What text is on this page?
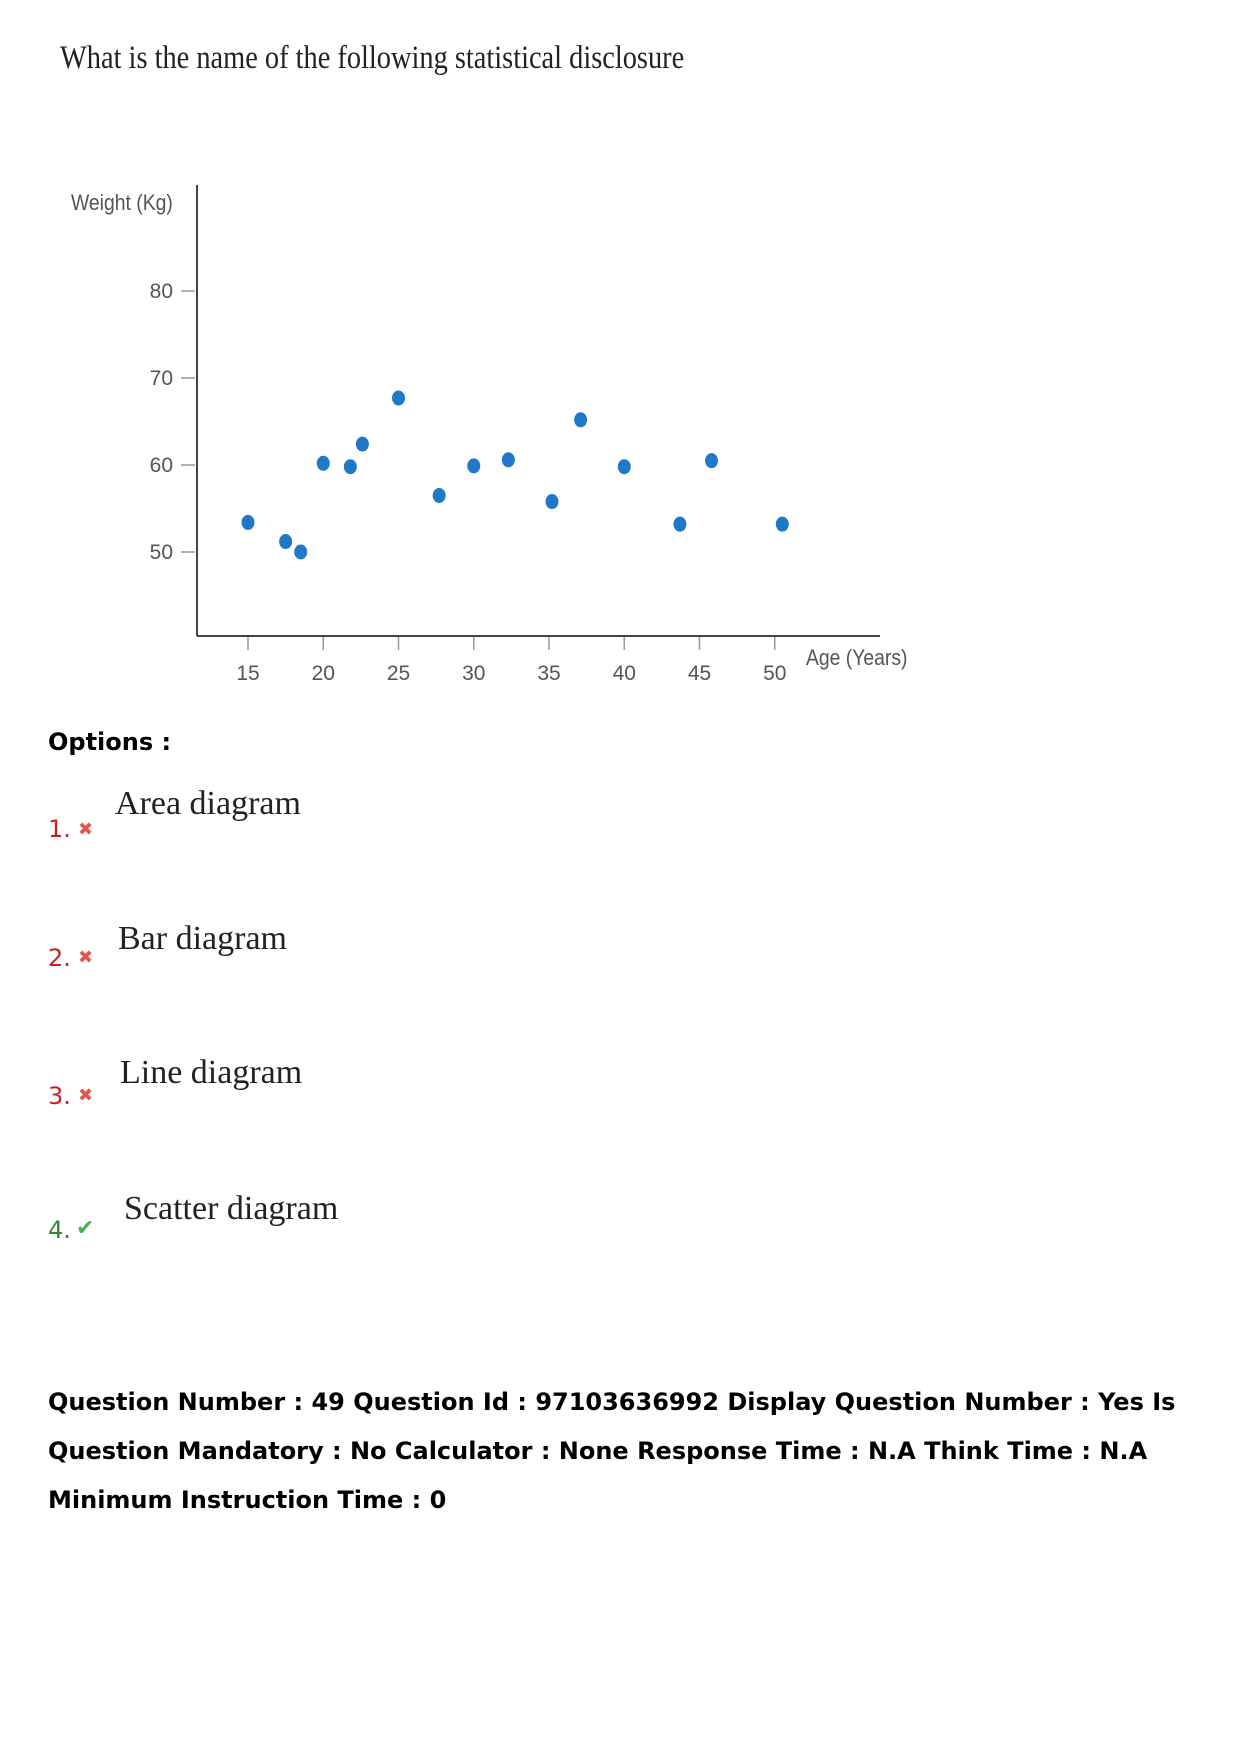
What is the name of the following statistical disclosure
50
60
70
80
15 20 25 30 35 40 45 50
Weight (Kg)
Age (Years)
Options :
1. ✖
Area diagram
2. ✖
Bar diagram
3. ✖
Line diagram
4. ✔
Scatter diagram
Question Number : 49 Question Id : 97103636992 Display Question Number : Yes Is Question Mandatory : No Calculator : None Response Time : N.A Think Time : N.A Minimum Instruction Time : 0
